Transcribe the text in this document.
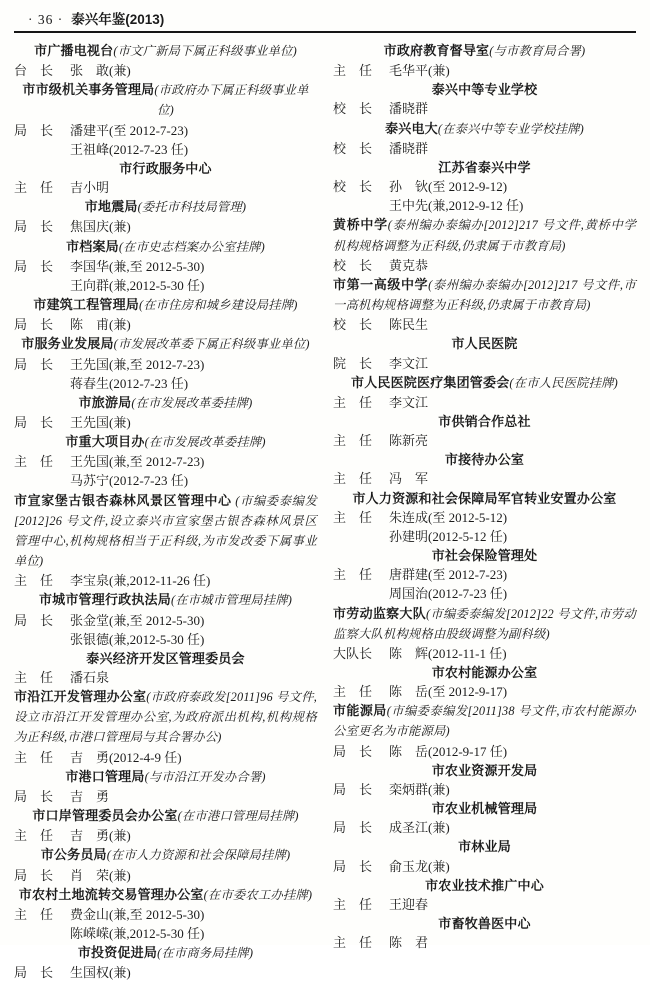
· 36 · 泰兴年鉴(2013)
市广播电视台(市文广新局下属正科级事业单位)
台　长	张　敢(兼)
市市级机关事务管理局(市政府办下属正科级事业单位)
局　长	潘建平(至 2012-7-23)
王祖峰(2012-7-23 任)
市行政服务中心
主　任	吉小明
市地震局(委托市科技局管理)
局　长	焦国庆(兼)
市档案局(在市史志档案办公室挂牌)
局　长	李国华(兼,至 2012-5-30)
王向群(兼,2012-5-30 任)
市建筑工程管理局(在市住房和城乡建设局挂牌)
局　长	陈　甫(兼)
市服务业发展局(市发展改革委下属正科级事业单位)
局　长	王先国(兼,至 2012-7-23)
蒋春生(2012-7-23 任)
市旅游局(在市发展改革委挂牌)
局　长	王先国(兼)
市重大项目办(在市发展改革委挂牌)
主　任	王先国(兼,至 2012-7-23)
马苏宁(2012-7-23 任)
市宣家堡古银杏森林风景区管理中心 (市编委泰编发[2012]26 号文件,设立泰兴市宣家堡古银杏森林风景区管理中心,机构规格相当于正科级,为市发改委下属事业单位)
主　任	李宝泉(兼,2012-11-26 任)
市城市管理行政执法局(在市城市管理局挂牌)
局　长	张金堂(兼,至 2012-5-30)
张银德(兼,2012-5-30 任)
泰兴经济开发区管理委员会
主　任	潘石泉
市沿江开发管理办公室(市政府泰政发[2011]96 号文件,设立市沿江开发管理办公室,为政府派出机构,机构规格为正科级,市港口管理局与其合署办公)
主　任	吉　勇(2012-4-9 任)
市港口管理局(与市沿江开发办合署)
局　长	吉　勇
市口岸管理委员会办公室(在市港口管理局挂牌)
主　任	吉　勇(兼)
市公务员局(在市人力资源和社会保障局挂牌)
局　长	肖　荣(兼)
市农村土地流转交易管理办公室(在市委农工办挂牌)
主　任	费金山(兼,至 2012-5-30)
陈嵘嵘(兼,2012-5-30 任)
市投资促进局(在市商务局挂牌)
局　长	生国权(兼)
市政府教育督导室(与市教育局合署)
主　任	毛华平(兼)
泰兴中等专业学校
校　长	潘晓群
泰兴电大(在泰兴中等专业学校挂牌)
校　长	潘晓群
江苏省泰兴中学
校　长	孙　钬(至 2012-9-12)
王中先(兼,2012-9-12 任)
黄桥中学(泰州编办泰编办[2012]217 号文件,黄桥中学机构规格调整为正科级,仍隶属于市教育局)
校　长	黄克恭
市第一高级中学(泰州编办泰编办[2012]217 号文件,市一高机构规格调整为正科级,仍隶属于市教育局)
校　长	陈民生
市人民医院
院　长	李文江
市人民医院医疗集团管委会(在市人民医院挂牌)
主　任	李文江
市供销合作总社
主　任	陈新亮
市接待办公室
主　任	冯　军
市人力资源和社会保障局军官转业安置办公室
主　任	朱连成(至 2012-5-12)
孙建明(2012-5-12 任)
市社会保险管理处
主　任	唐群建(至 2012-7-23)
周国治(2012-7-23 任)
市劳动监察大队(市编委泰编发[2012]22 号文件,市劳动监察大队机构规格由股级调整为副科级)
大队长	陈　辉(2012-11-1 任)
市农村能源办公室
主　任	陈　岳(至 2012-9-17)
市能源局(市编委泰编发[2011]38 号文件,市农村能源办公室更名为市能源局)
局　长	陈　岳(2012-9-17 任)
市农业资源开发局
局　长	栾炳群(兼)
市农业机械管理局
局　长	成圣江(兼)
市林业局
局　长	俞玉龙(兼)
市农业技术推广中心
主　任	王迎春
市畜牧兽医中心
主　任	陈　君
